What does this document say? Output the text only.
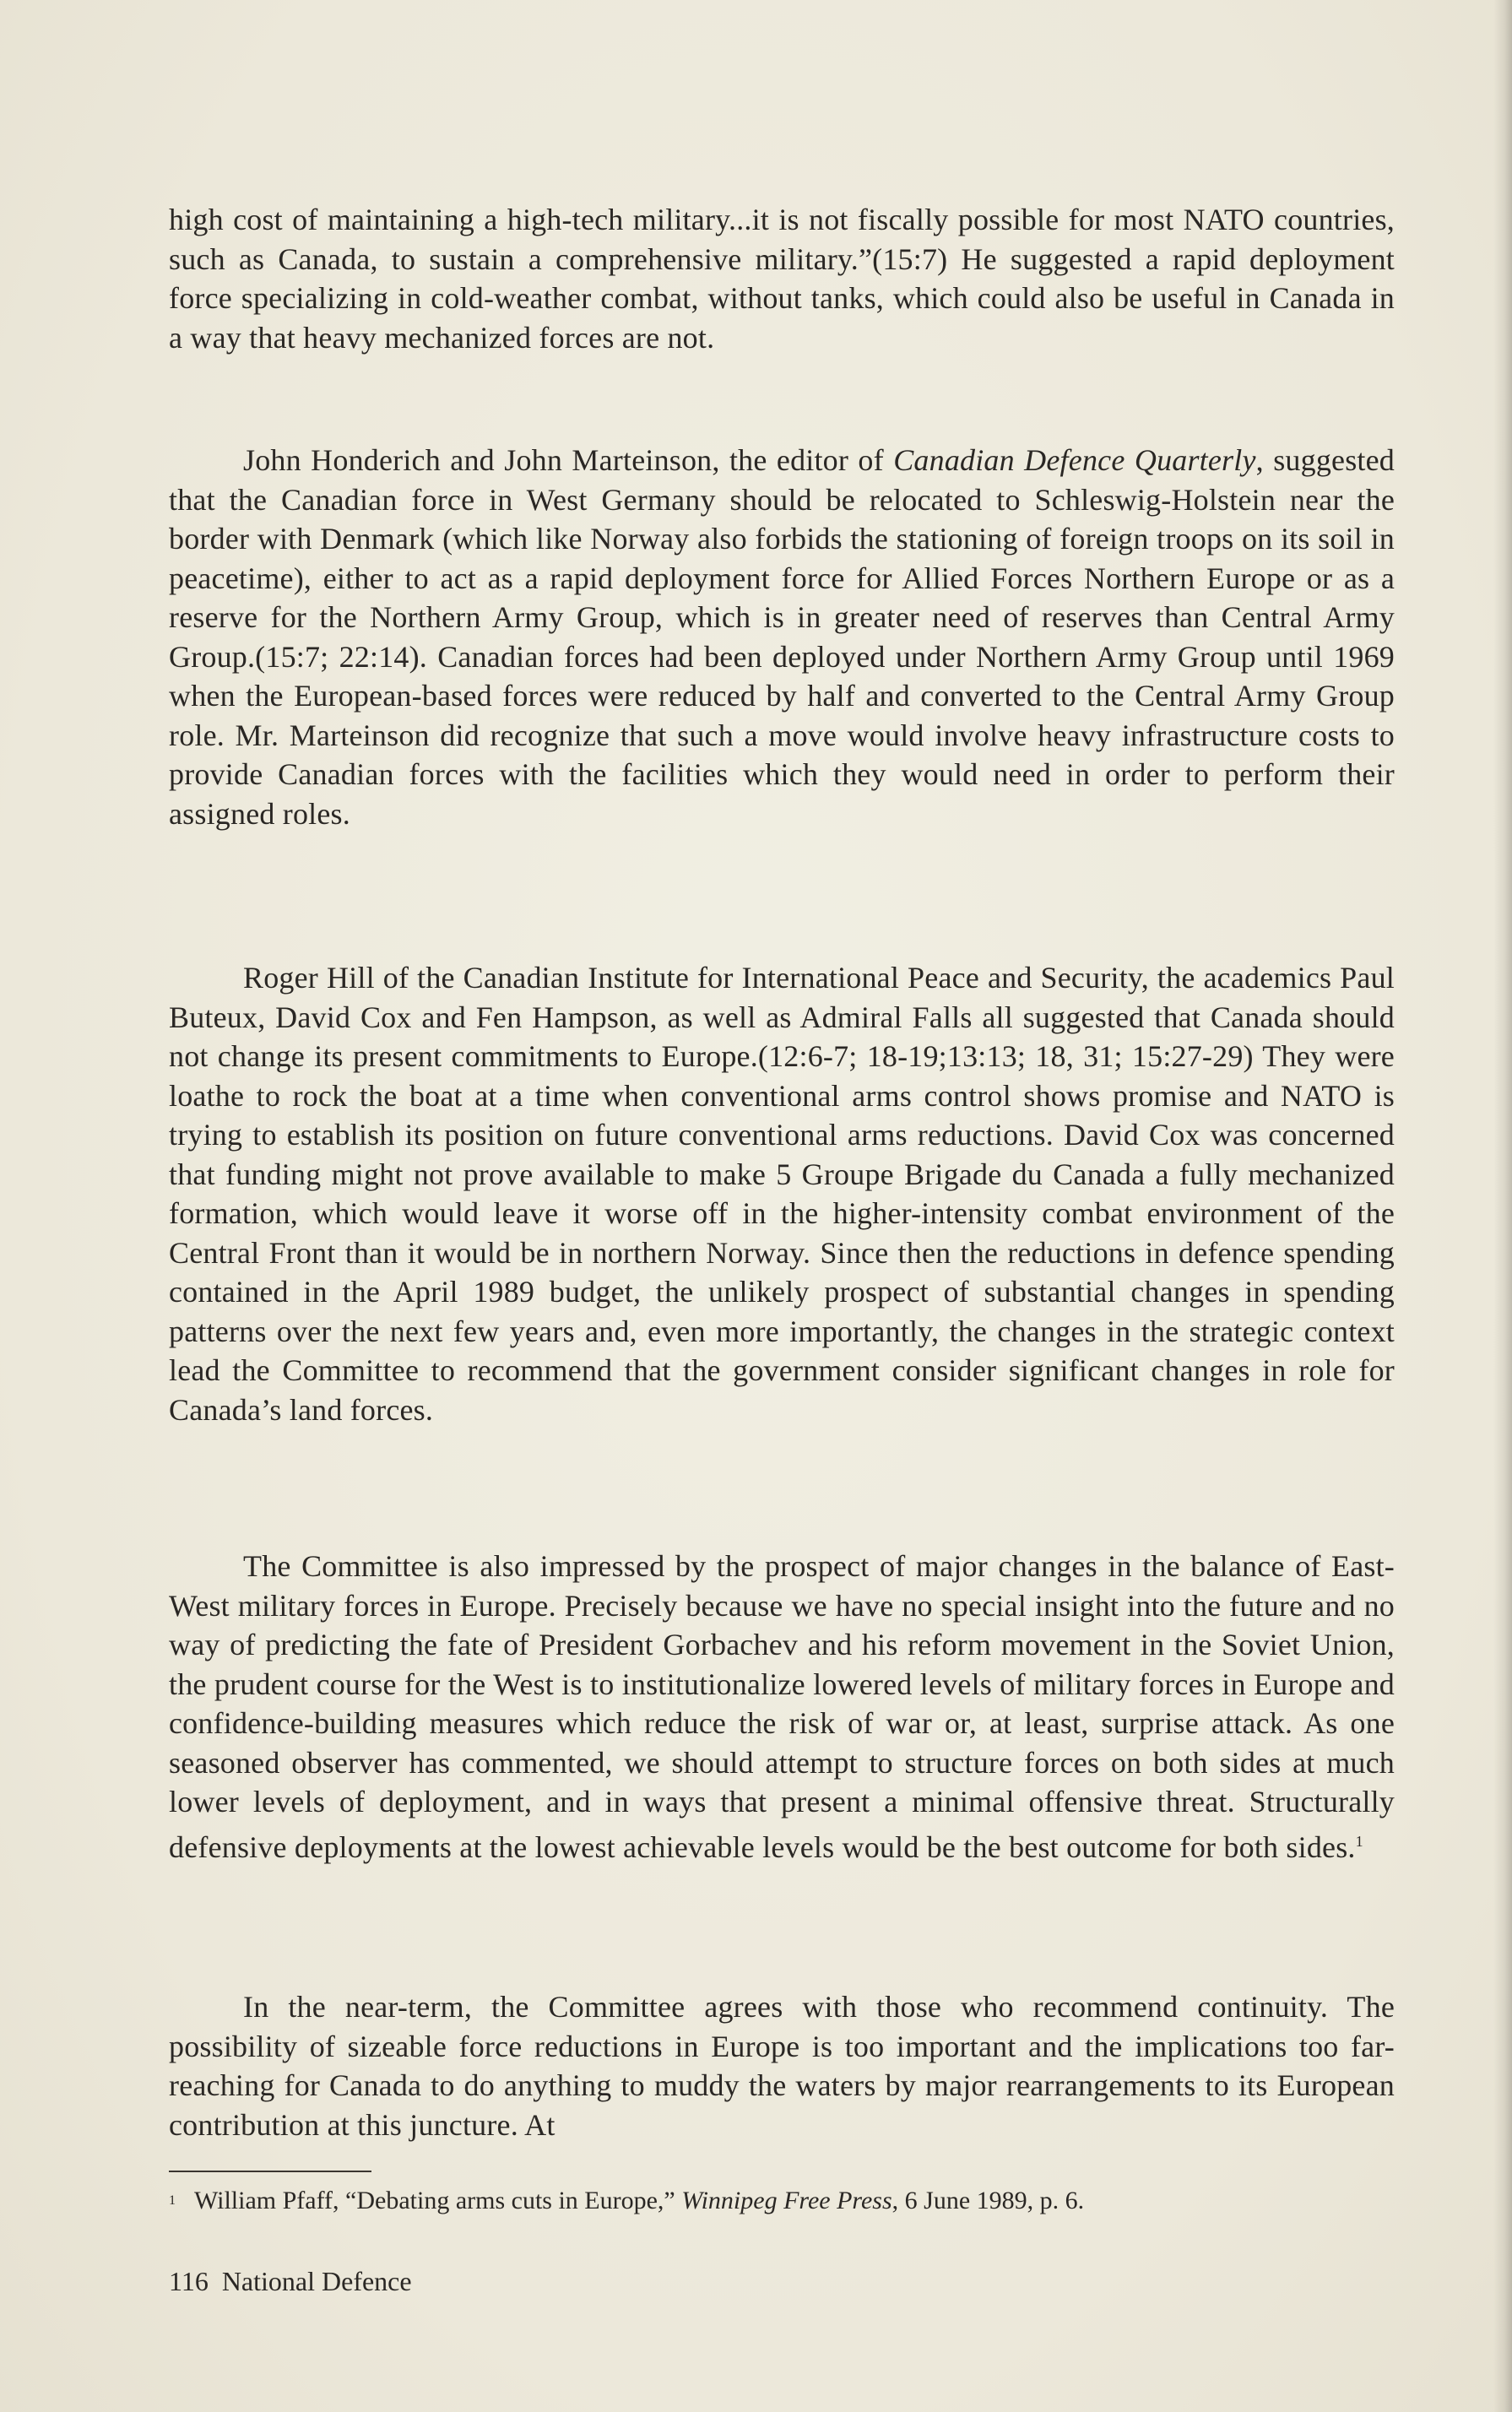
high cost of maintaining a high-tech military...it is not fiscally possible for most NATO countries, such as Canada, to sustain a comprehensive military.”(15:7) He suggested a rapid deployment force specializing in cold-weather combat, without tanks, which could also be useful in Canada in a way that heavy mechanized forces are not.

John Honderich and John Marteinson, the editor of Canadian Defence Quarterly, suggested that the Canadian force in West Germany should be relocated to Schleswig-Holstein near the border with Denmark (which like Norway also forbids the stationing of foreign troops on its soil in peacetime), either to act as a rapid deployment force for Allied Forces Northern Europe or as a reserve for the Northern Army Group, which is in greater need of reserves than Central Army Group.(15:7; 22:14). Canadian forces had been deployed under Northern Army Group until 1969 when the European-based forces were reduced by half and converted to the Central Army Group role. Mr. Marteinson did recognize that such a move would involve heavy infrastructure costs to provide Canadian forces with the facilities which they would need in order to perform their assigned roles.

Roger Hill of the Canadian Institute for International Peace and Security, the academics Paul Buteux, David Cox and Fen Hampson, as well as Admiral Falls all suggested that Canada should not change its present commitments to Europe.(12:6-7; 18-19;13:13; 18, 31; 15:27-29) They were loathe to rock the boat at a time when conventional arms control shows promise and NATO is trying to establish its position on future conventional arms reductions. David Cox was concerned that funding might not prove available to make 5 Groupe Brigade du Canada a fully mechanized formation, which would leave it worse off in the higher-intensity combat environment of the Central Front than it would be in northern Norway. Since then the reductions in defence spending contained in the April 1989 budget, the unlikely prospect of substantial changes in spending patterns over the next few years and, even more importantly, the changes in the strategic context lead the Committee to recommend that the government consider significant changes in role for Canada’s land forces.

The Committee is also impressed by the prospect of major changes in the balance of East-West military forces in Europe. Precisely because we have no special insight into the future and no way of predicting the fate of President Gorbachev and his reform movement in the Soviet Union, the prudent course for the West is to institutionalize lowered levels of military forces in Europe and confidence-building measures which reduce the risk of war or, at least, surprise attack. As one seasoned observer has commented, we should attempt to structure forces on both sides at much lower levels of deployment, and in ways that present a minimal offensive threat. Structurally defensive deployments at the lowest achievable levels would be the best outcome for both sides.$^1$

In the near-term, the Committee agrees with those who recommend continuity. The possibility of sizeable force reductions in Europe is too important and the implications too far-reaching for Canada to do anything to muddy the waters by major rearrangements to its European contribution at this juncture. At

$^1$ William Pfaff, “Debating arms cuts in Europe,” Winnipeg Free Press, 6 June 1989, p. 6.

116 National Defence
